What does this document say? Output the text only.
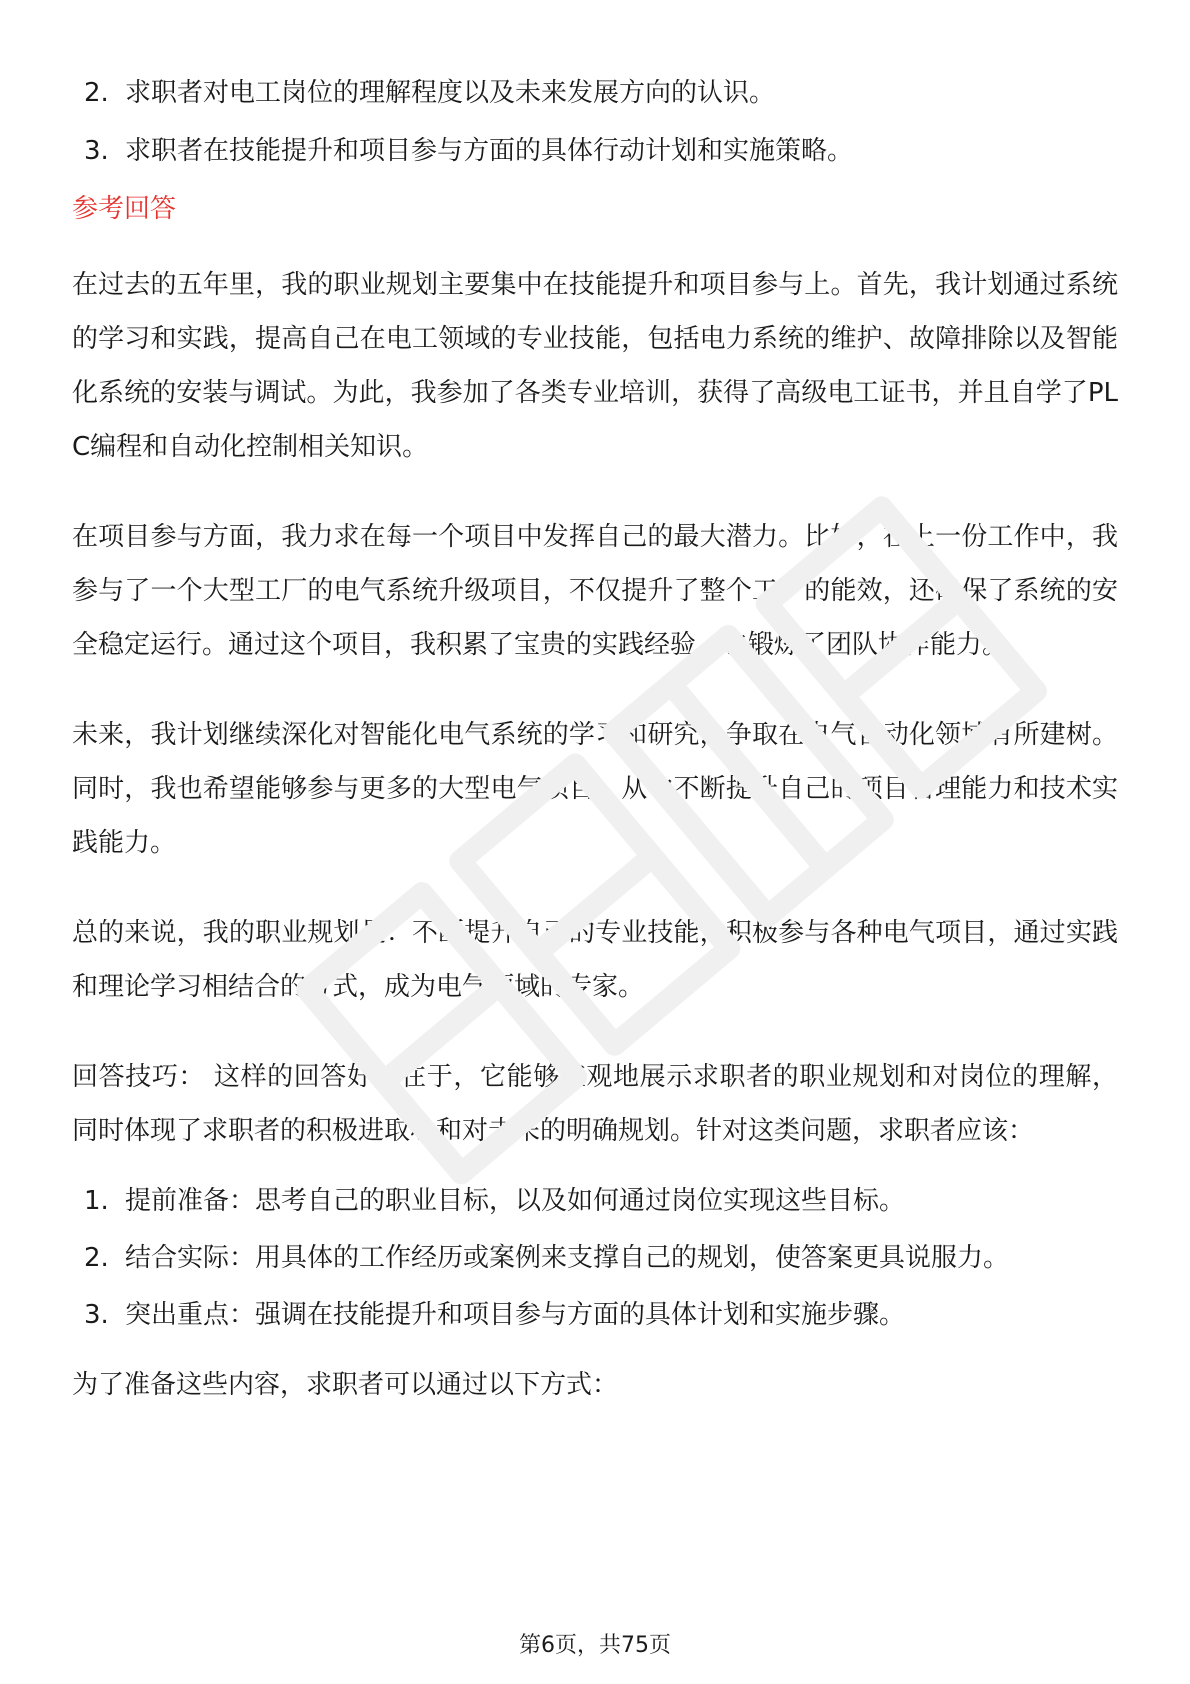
2. 求职者对电工岗位的理解程度以及未来发展方向的认识。
3. 求职者在技能提升和项目参与方面的具体行动计划和实施策略。
参考回答

在过去的五年里，我的职业规划主要集中在技能提升和项目参与上。首先，我计划通过系统的学习和实践，提高自己在电工领域的专业技能，包括电力系统的维护、故障排除以及智能化系统的安装与调试。为此，我参加了各类专业培训，获得了高级电工证书，并且自学了PLC编程和自动化控制相关知识。

在项目参与方面，我力求在每一个项目中发挥自己的最大潜力。比如，在上一份工作中，我参与了一个大型工厂的电气系统升级项目，不仅提升了整个工厂的能效，还确保了系统的安全稳定运行。通过这个项目，我积累了宝贵的实践经验，也锻炼了团队协作能力。

未来，我计划继续深化对智能化电气系统的学习和研究，争取在电气自动化领域有所建树。同时，我也希望能够参与更多的大型电气项目，从中不断提升自己的项目管理能力和技术实践能力。

总的来说，我的职业规划是：不断提升自己的专业技能，积极参与各种电气项目，通过实践和理论学习相结合的方式，成为电气领域的专家。

回答技巧： 这样的回答好处在于，它能够直观地展示求职者的职业规划和对岗位的理解，同时体现了求职者的积极进取心和对未来的明确规划。针对这类问题，求职者应该：

1. 提前准备：思考自己的职业目标，以及如何通过岗位实现这些目标。
2. 结合实际：用具体的工作经历或案例来支撑自己的规划，使答案更具说服力。
3. 突出重点：强调在技能提升和项目参与方面的具体计划和实施步骤。

为了准备这些内容，求职者可以通过以下方式：

第6页，共75页
